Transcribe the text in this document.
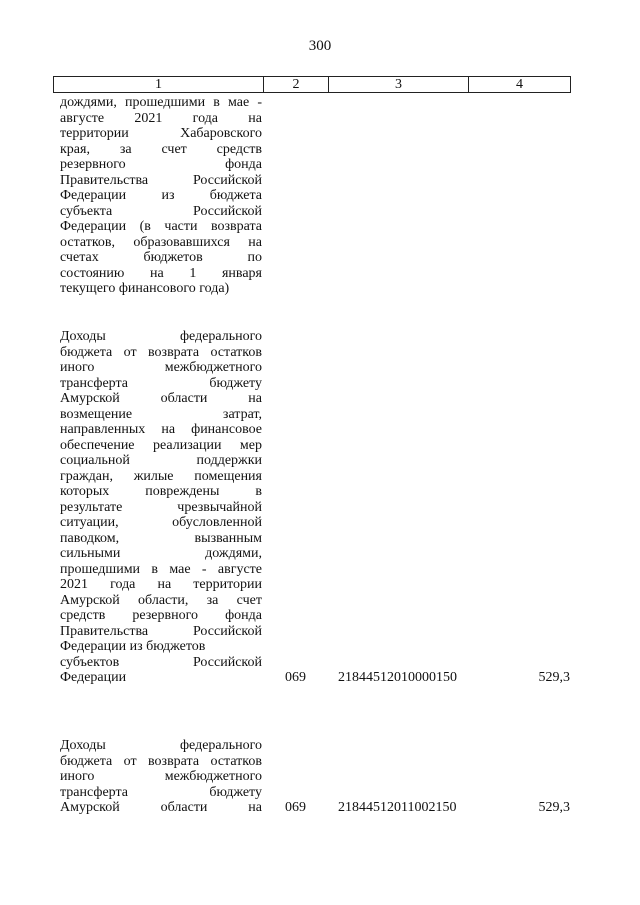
300
1	2	3	4
дождями, прошедшими в мае -
августе 2021 года на
территории Хабаровского
края, за счет средств
резервного фонда
Правительства Российской
Федерации из бюджета
субъекта Российской
Федерации (в части возврата
остатков, образовавшихся на
счетах бюджетов по
состоянию на 1 января
текущего финансового года)
Доходы федерального
бюджета от возврата остатков
иного межбюджетного
трансферта бюджету
Амурской области на
возмещение затрат,
направленных на финансовое
обеспечение реализации мер
социальной поддержки
граждан, жилые помещения
которых повреждены в
результате чрезвычайной
ситуации, обусловленной
паводком, вызванным
сильными дождями,
прошедшими в мае - августе
2021 года на территории
Амурской области, за счет
средств резервного фонда
Правительства Российской
Федерации из бюджетов
субъектов Российской
Федерации	069 21844512010000150	529,3
Доходы федерального
бюджета от возврата остатков
иного межбюджетного
трансферта бюджету
Амурской области на 069 21844512011002150	529,3
